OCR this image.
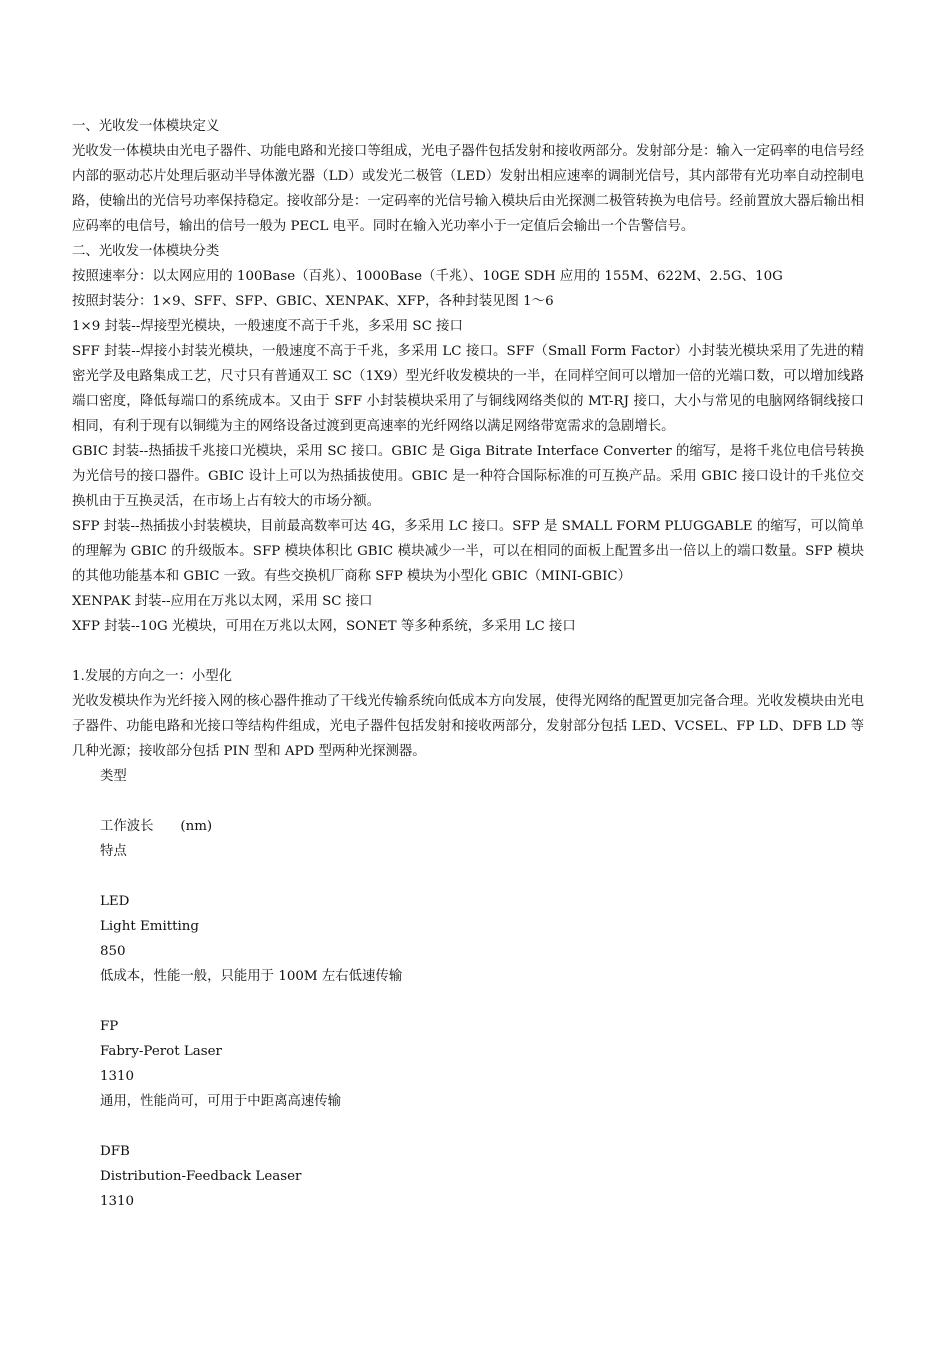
一、光收发一体模块定义

光收发一体模块由光电子器件、功能电路和光接口等组成，光电子器件包括发射和接收两部分。发射部分是：输入一定码率的电信号经内部的驱动芯片处理后驱动半导体激光器（LD）或发光二极管（LED）发射出相应速率的调制光信号，其内部带有光功率自动控制电路，使输出的光信号功率保持稳定。接收部分是：一定码率的光信号输入模块后由光探测二极管转换为电信号。经前置放大器后输出相应码率的电信号，输出的信号一般为 PECL 电平。同时在输入光功率小于一定值后会输出一个告警信号。

二、光收发一体模块分类

按照速率分：以太网应用的 100Base（百兆）、1000Base（千兆）、10GE SDH 应用的 155M、622M、2.5G、10G

按照封装分：1×9、SFF、SFP、GBIC、XENPAK、XFP，各种封装见图 1～6

1×9 封装--焊接型光模块，一般速度不高于千兆，多采用 SC 接口

SFF 封装--焊接小封装光模块，一般速度不高于千兆，多采用 LC 接口。SFF（Small Form Factor）小封装光模块采用了先进的精密光学及电路集成工艺，尺寸只有普通双工 SC（1X9）型光纤收发模块的一半，在同样空间可以增加一倍的光端口数，可以增加线路端口密度，降低每端口的系统成本。又由于 SFF 小封装模块采用了与铜线网络类似的 MT-RJ 接口，大小与常见的电脑网络铜线接口相同，有利于现有以铜缆为主的网络设备过渡到更高速率的光纤网络以满足网络带宽需求的急剧增长。

GBIC 封装--热插拔千兆接口光模块，采用 SC 接口。GBIC 是 Giga Bitrate Interface Converter 的缩写，是将千兆位电信号转换为光信号的接口器件。GBIC 设计上可以为热插拔使用。GBIC 是一种符合国际标准的可互换产品。采用 GBIC 接口设计的千兆位交换机由于互换灵活，在市场上占有较大的市场分额。

SFP 封装--热插拔小封装模块，目前最高数率可达 4G，多采用 LC 接口。SFP 是 SMALL FORM PLUGGABLE 的缩写，可以简单的理解为 GBIC 的升级版本。SFP 模块体积比 GBIC 模块减少一半，可以在相同的面板上配置多出一倍以上的端口数量。SFP 模块的其他功能基本和 GBIC 一致。有些交换机厂商称 SFP 模块为小型化 GBIC（MINI-GBIC）

XENPAK 封装--应用在万兆以太网，采用 SC 接口

XFP 封装--10G 光模块，可用在万兆以太网，SONET 等多种系统，多采用 LC 接口

1.发展的方向之一：小型化

光收发模块作为光纤接入网的核心器件推动了干线光传输系统向低成本方向发展，使得光网络的配置更加完备合理。光收发模块由光电子器件、功能电路和光接口等结构件组成，光电子器件包括发射和接收两部分，发射部分包括 LED、VCSEL、FP LD、DFB LD 等几种光源；接收部分包括 PIN 型和 APD 型两种光探测器。

类型

工作波长　　(nm)

特点

LED

Light Emitting

850

低成本，性能一般，只能用于 100M 左右低速传输

FP

Fabry-Perot Laser

1310

通用，性能尚可，可用于中距离高速传输

DFB

Distribution-Feedback Leaser

1310
